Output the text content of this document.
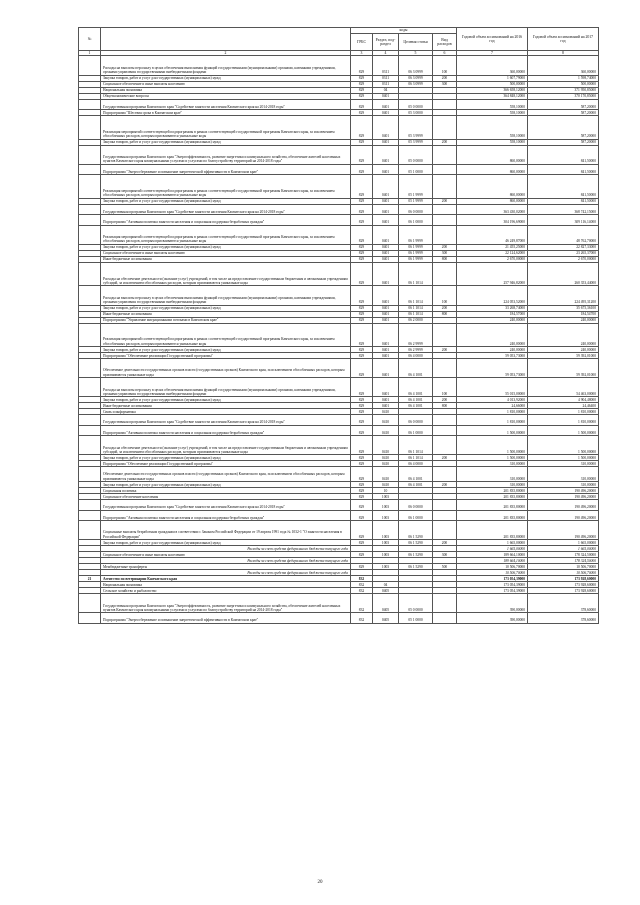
№		коды				Годовой объем ассигнований на 2016 год	Годовой объем ассигнований на 2017 год
		ГРБС	Раздел, под-раздел	Целевая статья	Вид расходов		
1	2	3	4	5	6	7	8
	Расходы на выплаты персоналу в целях обеспечения выполнения функций государственными (муниципальными) органами, казенными учреждениями, органами управления государственными внебюджетными фондами	829	0311	06 3 0999	100	360,00000	360,00000
	Закупка товаров, работ и услуг для государственных (муниципальных) нужд	829	0311	06 3 0999	200	1 607,79000	1 598,74000
	Социальное обеспечение и иные выплаты населению	829	0311	06 3 0999	300	500,00000	500,00000
	Национальная экономика	829	04			366 658,12000	371 950,85000
	Общеэкономические вопросы	829	0401			364 848,12000	370 170,85000
	Государственная программа Камчатского края "Содействие занятости населения Камчатского края на 2014-2018 годы"	829	0401	05 0 0000		558,10000	587,20000
	Подпрограмма "Шествия срока в Камчатском крае"	829	0401	05 3 0000		558,10000	587,20000
	Реализация мероприятий соответствующей подпрограммы в рамках соответствующей государственной программы Камчатского края, за исключением обособленных расходов, которым присваиваются уникальные коды	829	0401	05 3 9999		558,10000	587,20000
	Закупка товаров, работ и услуг для государственных (муниципальных) нужд	829	0401	05 3 9999	200	558,10000	587,20000
	Государственная программа Камчатского края "Энергоэффективность, развитие энергетики и коммунального хозяйства, обеспечение жителей населенных пунктов Камчатского края коммунальными услугами и услугами по благоустройству территорий на 2014-2018 годы"	829	0401	05 0 0000		860,00000	841,50000
	Подпрограмма "Энергосбережение и повышение энергетической эффективности в Камчатском крае"	829	0401	05 1 0000		860,00000	841,50000
	Реализация мероприятий соответствующей подпрограммы в рамках соответствующей государственной программы Камчатского края, за исключением обособленных расходов, которым присваиваются уникальные коды	829	0401	05 1 9999		860,00000	841,50000
	Закупка товаров, работ и услуг для государственных (муниципальных) нужд	829	0401	05 1 9999	200	860,00000	841,50000
	Государственная программа Камчатского края "Содействие занятости населения Камчатского края на 2014-2018 годы"	829	0401	06 0 0000		363 430,02000	368 742,15000
	Подпрограмма "Активная политика занятости населения и социальная поддержка безработных граждан"	829	0401	06 1 0000		304 196,69000	309 116,14000
	Реализация мероприятий соответствующей подпрограммы в рамках соответствующей государственной программы Камчатского края, за исключением обособленных расходов, которым присваиваются уникальные коды	829	0401	06 1 9999		46 249,87000	48 762,70000
	Закупка товаров, работ и услуг для государственных (муниципальных) нужд	829	0401	06 1 9999	200	21 455,25000	22 827,33000
	Социальное обеспечение и иные выплаты населению	829	0401	06 1 9999	300	22 124,62000	23 265,37000
	Иные бюджетные ассигнования	829	0401	06 1 9999	800	2 670,00000	2 670,00000
	Расходы на обеспечение деятельности (оказание услуг) учреждений, в том числе на предоставление государственным бюджетным и автономным учреждениям субсидий, за исключением обособленных расходов, которым присваиваются уникальные коды	829	0401	06 1 1014		257 946,82000	260 353,44000
	Расходы на выплаты персоналу в целях обеспечения выполнения функций государственными (муниципальными) органами, казенными учреждениями, органами управления государственными внебюджетными фондами	829	0401	06 1 1014	100	224 053,52000	224 495,31200
	Закупка товаров, работ и услуг для государственных (муниципальных) нужд	829	0401	06 1 1014	200	33 268,74000	35 675,36100
	Иные бюджетные ассигнования	829	0401	06 1 1014	800	184,57000	184,54700
	Подпрограмма "Управление миграционными потоками в Камчатском крае"	829	0401	06 2 0000		240,00000	240,00000
	Реализация мероприятий соответствующей подпрограммы в рамках соответствующей государственной программы Камчатского края, за исключением обособленных расходов, которым присваиваются уникальные коды	829	0401	06 2 9999		240,00000	240,00000
	Закупка товаров, работ и услуг для государственных (муниципальных) нужд	829	0401	06 2 9999	200	240,00000	240,00000
	Подпрограмма "Обеспечение реализации Государственной программы"	829	0401	06 4 0000		59 053,73000	59 392,01000
	Обеспечение деятельности государственных органов власти (государственных органов) Камчатского края, за исключением обособленных расходов, которым присваиваются уникальные коды	829	0401	06 4 1001		59 053,73000	59 392,01000
	Расходы на выплаты персоналу в целях обеспечения выполнения функций государственными (муниципальными) органами, казенными учреждениями, органами управления государственными внебюджетными фондами	829	0401	06 4 1001	100	55 015,00000	54 463,00000
	Закупка товаров, работ и услуг для государственных (муниципальных) нужд	829	0401	06 4 1001	200	4 013,92000	4 904,48000
	Иные бюджетные ассигнования	829	0401	06 4 1001	800	24,66000	24,46400
	Связь и информатика	829	0410			1 810,00000	1 810,00000
	Государственная программа Камчатского края "Содействие занятости населения Камчатского края на 2014-2018 годы"	829	0410	06 0 0000		1 810,00000	1 810,00000
	Подпрограмма "Активная политика занятости населения и социальная поддержка безработных граждан"	829	0410	06 1 0000		1 500,00000	1 500,00000
	Расходы на обеспечение деятельности (оказание услуг) учреждений, в том числе на предоставление государственным бюджетным и автономным учреждениям субсидий, за исключением обособленных расходов, которым присваиваются уникальные коды	829	0410	06 1 1014		1 500,00000	1 500,00000
	Закупка товаров, работ и услуг для государственных (муниципальных) нужд	829	0410	06 1 1014	200	1 500,00000	1 500,00000
	Подпрограмма "Обеспечение реализации Государственной программы"	829	0410	06 4 0000		310,00000	310,00000
	Обеспечение деятельности государственных органов власти (государственных органов) Камчатского края, за исключением обособленных расходов, которым присваиваются уникальные коды	829	0410	06 4 1001		310,00000	310,00000
	Закупка товаров, работ и услуг для государственных (муниципальных) нужд	829	0410	06 4 1001	200	310,00000	310,00000
	Социальная политика	829	10			201 835,80000	190 496,20000
	Социальное обеспечение населения	829	1003			201 835,80000	190 496,20000
	Государственная программа Камчатского края "Содействие занятости населения Камчатского края на 2014-2018 годы"	829	1003	06 0 0000		201 835,80000	190 496,20000
	Подпрограмма "Активная политика занятости населения и социальная поддержка безработных граждан"	829	1003	06 1 0000		201 835,80000	190 496,20000
	Социальные выплаты безработным гражданам в соответствии с Законом Российской Федерации от 19 апреля 1991 года № 1032-1 "О занятости населения в Российской Федерации"	829	1003	06 1 5290		201 835,80000	190 496,20000
	Закупка товаров, работ и услуг для государственных (муниципальных) нужд	829	1003	06 1 5290	200	1 665,00000	1 665,00000
	Расходы за счет средств федерального бюджета текущего года					1 665,00000	1 665,00000
	Социальное обеспечение и иные выплаты населению	829	1003	06 1 5290	300	189 664,10000	178 324,50000
	Расходы за счет средств федерального бюджета текущего года					189 664,10000	178 324,50000
	Межбюджетные трансферты	829	1003	06 1 5290	500	10 506,70000	10 506,70000
	Расходы за счет средств федерального бюджета текущего года					10 506,70000	10 506,70000
21	Агентство по ветеринарии Камчатского края	832				173 054,39000	173 928,60000
	Национальная экономика	832	04			173 054,39000	173 928,60000
	Сельское хозяйство и рыболовство	832	0405			173 054,39000	173 928,60000
	Государственная программа Камчатского края "Энергоэффективность, развитие энергетики и коммунального хозяйства, обеспечение жителей населенных пунктов Камчатского края коммунальными услугами и услугами по благоустройству территорий на 2014-2018 годы"	832	0405	05 0 0000		390,00000	378,60000
	Подпрограмма "Энергосбережение и повышение энергетической эффективности в Камчатском крае"	832	0405	05 1 0000		390,00000	378,60000
20
